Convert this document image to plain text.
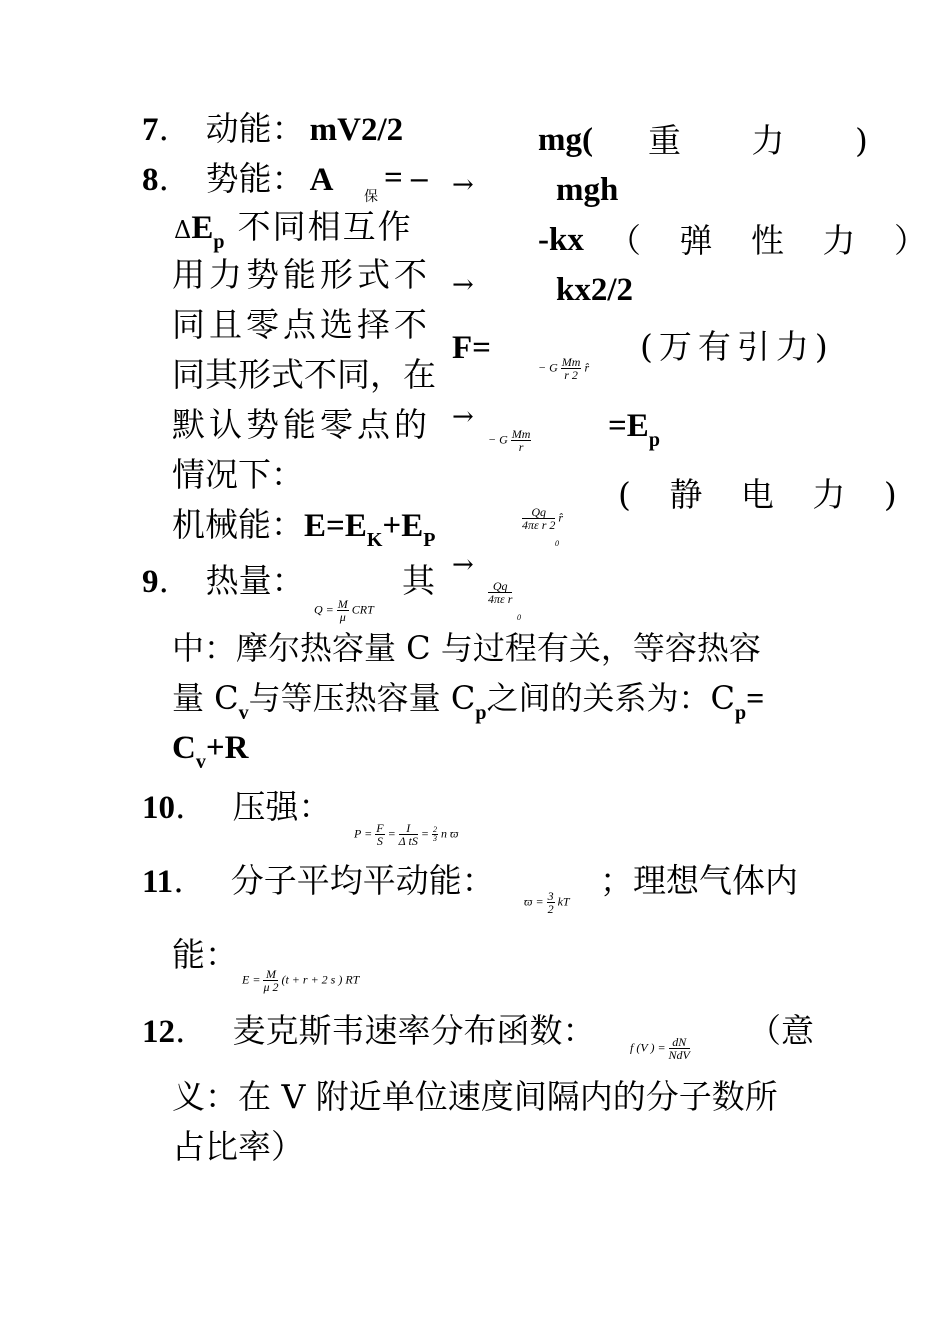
7.    动能： mV2/2
8.    势能： A 保
= –
ΔEp 不同相互作
用力势能形式不
同且零点选择不
同其形式不同，在
默认势能零点的
情况下：
机械能：E=EK+EP
→
→
→
→
mg( 重 力 )
mgh
-kx （ 弹 性 力 ）
kx2/2
F=	(万有引力)
− G $\frac{Mm}{r 2}$ r̂
− G $\frac{Mm}{r} =Ep$
( 静 电 力 )
$\frac{Qq}{\text{4πε r 2}}$ r̂
0
$\frac{Qq}{\text{4πε r}}$
0
9.    热量：	其
$Q = \frac{M}{\mu}$ CRT
中：摩尔热容量 C 与过程有关，等容热容
量 $C_v$与等压热容量 $C_p$之间的关系为：$C_p=$
Cv+R
10.     压强：
$P = \frac{F}{S} = \frac{I}{\text{Δ tS}} = \frac{2}{3}$ n ϖ
11.     分子平均平动能：
$ϖ = \frac{3}{2}$ kT
；理想气体内
能：
$E = \frac{M}{\mu 2} (t + r + 2$ s ) RT
12.     麦克斯韦速率分布函数：	f (V ) = $\frac{dN}{\text{NdV}}$ （意
义：在 V 附近单位速度间隔内的分子数所
占比率）
